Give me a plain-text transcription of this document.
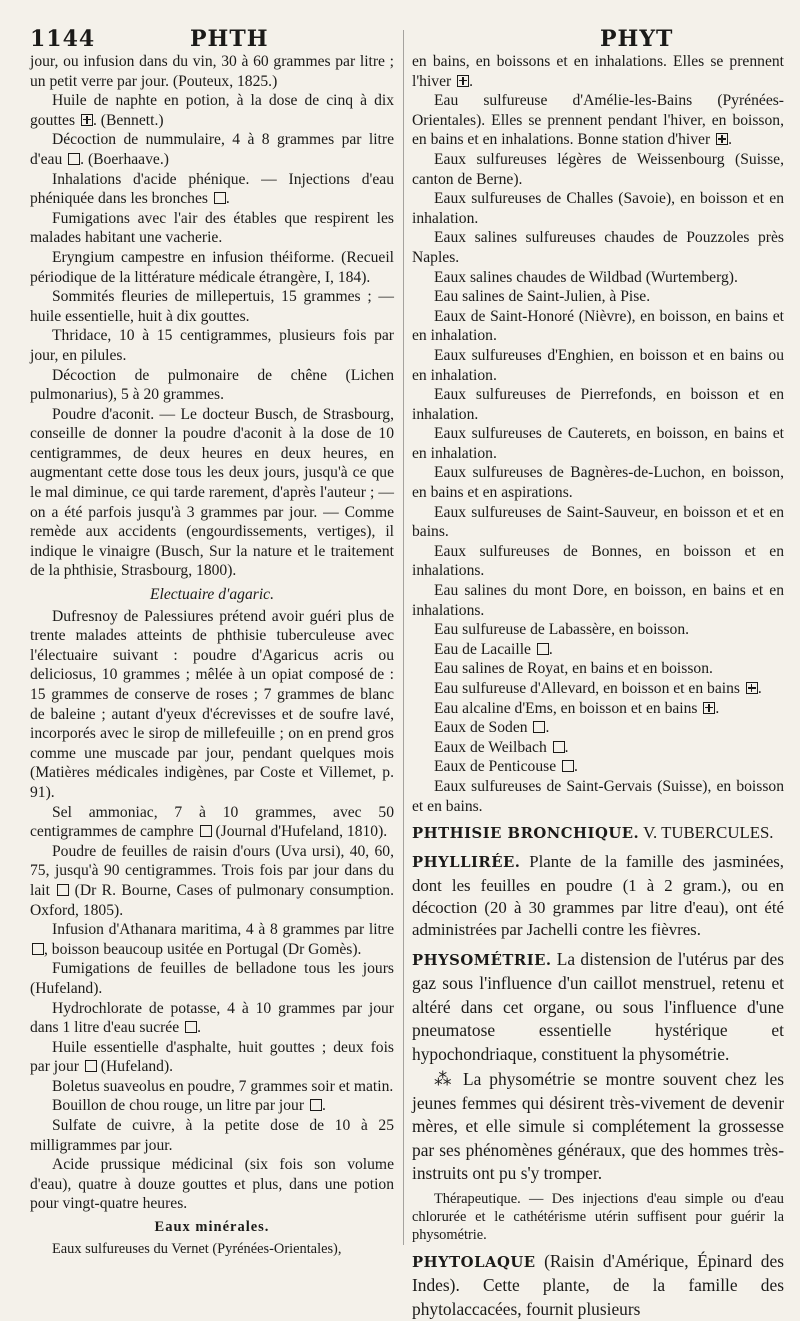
1144	PHTH	PHYT

jour, ou infusion dans du vin, 30 à 60 grammes par litre ; un petit verre par jour. (Pouteux, 1825.)

Huile de naphte en potion, à la dose de cinq à dix gouttes . (Bennett.)

Décoction de nummulaire, 4 à 8 grammes par litre d'eau . (Boerhaave.)

Inhalations d'acide phénique. — Injections d'eau phéniquée dans les bronches .

Fumigations avec l'air des étables que respirent les malades habitant une vacherie.

Eryngium campestre en infusion théiforme. (Recueil périodique de la littérature médicale étrangère, I, 184).

Sommités fleuries de millepertuis, 15 grammes ; — huile essentielle, huit à dix gouttes.

Thridace, 10 à 15 centigrammes, plusieurs fois par jour, en pilules.

Décoction de pulmonaire de chêne (Lichen pulmonarius), 5 à 20 grammes.

Poudre d'aconit. — Le docteur Busch, de Strasbourg, conseille de donner la poudre d'aconit à la dose de 10 centigrammes, de deux heures en deux heures, en augmentant cette dose tous les deux jours, jusqu'à ce que le mal diminue, ce qui tarde rarement, d'après l'auteur ; — on a été parfois jusqu'à 3 grammes par jour. — Comme remède aux accidents (engourdissements, vertiges), il indique le vinaigre (Busch, Sur la nature et le traitement de la phthisie, Strasbourg, 1800).

Electuaire d'agaric.

Dufresnoy de Palessiures prétend avoir guéri plus de trente malades atteints de phthisie tuberculeuse avec l'électuaire suivant : poudre d'Agaricus acris ou deliciosus, 10 grammes ; mêlée à un opiat composé de : 15 grammes de conserve de roses ; 7 grammes de blanc de baleine ; autant d'yeux d'écrevisses et de soufre lavé, incorporés avec le sirop de millefeuille ; on en prend gros comme une muscade par jour, pendant quelques mois (Matières médicales indigènes, par Coste et Villemet, p. 91).

Sel ammoniac, 7 à 10 grammes, avec 50 centigrammes de camphre (Journal d'Hufeland, 1810).

Poudre de feuilles de raisin d'ours (Uva ursi), 40, 60, 75, jusqu'à 90 centigrammes. Trois fois par jour dans du lait (Dr R. Bourne, Cases of pulmonary consumption. Oxford, 1805).

Infusion d'Athanara maritima, 4 à 8 grammes par litre , boisson beaucoup usitée en Portugal (Dr Gomès).

Fumigations de feuilles de belladone tous les jours (Hufeland).

Hydrochlorate de potasse, 4 à 10 grammes par jour dans 1 litre d'eau sucrée .

Huile essentielle d'asphalte, huit gouttes ; deux fois par jour (Hufeland).

Boletus suaveolus en poudre, 7 grammes soir et matin.

Bouillon de chou rouge, un litre par jour .

Sulfate de cuivre, à la petite dose de 10 à 25 milligrammes par jour.

Acide prussique médicinal (six fois son volume d'eau), quatre à douze gouttes et plus, dans une potion pour vingt-quatre heures.

Eaux minérales.

Eaux sulfureuses du Vernet (Pyrénées-Orientales),

en bains, en boissons et en inhalations. Elles se prennent l'hiver .

Eau sulfureuse d'Amélie-les-Bains (Pyrénées-Orientales). Elles se prennent pendant l'hiver, en boisson, en bains et en inhalations. Bonne station d'hiver .

Eaux sulfureuses légères de Weissenbourg (Suisse, canton de Berne).

Eaux sulfureuses de Challes (Savoie), en boisson et en inhalation.

Eaux salines sulfureuses chaudes de Pouzzoles près Naples.

Eaux salines chaudes de Wildbad (Wurtemberg).

Eau salines de Saint-Julien, à Pise.

Eaux de Saint-Honoré (Nièvre), en boisson, en bains et en inhalation.

Eaux sulfureuses d'Enghien, en boisson et en bains ou en inhalation.

Eaux sulfureuses de Pierrefonds, en boisson et en inhalation.

Eaux sulfureuses de Cauterets, en boisson, en bains et en inhalation.

Eaux sulfureuses de Bagnères-de-Luchon, en boisson, en bains et en aspirations.

Eaux sulfureuses de Saint-Sauveur, en boisson et et en bains.

Eaux sulfureuses de Bonnes, en boisson et en inhalations.

Eau salines du mont Dore, en boisson, en bains et en inhalations.

Eau sulfureuse de Labassère, en boisson.

Eau de Lacaille .

Eau salines de Royat, en bains et en boisson.

Eau sulfureuse d'Allevard, en boisson et en bains .

Eau alcaline d'Ems, en boisson et en bains .

Eaux de Soden .

Eaux de Weilbach .

Eaux de Penticouse .

Eaux sulfureuses de Saint-Gervais (Suisse), en boisson et en bains.

PHTHISIE BRONCHIQUE. V. TUBERCULES.

PHYLLIRÉE. Plante de la famille des jasminées, dont les feuilles en poudre (1 à 2 gram.), ou en décoction (20 à 30 grammes par litre d'eau), ont été administrées par Jachelli contre les fièvres.

PHYSOMÉTRIE. La distension de l'utérus par des gaz sous l'influence d'un caillot menstruel, retenu et altéré dans cet organe, ou sous l'influence d'une pneumatose essentielle hystérique et hypochondriaque, constituent la physométrie.

⁂ La physométrie se montre souvent chez les jeunes femmes qui désirent très-vivement de devenir mères, et elle simule si complétement la grossesse par ses phénomènes généraux, que des hommes très-instruits ont pu s'y tromper.

Thérapeutique. — Des injections d'eau simple ou d'eau chlorurée et le cathétérisme utérin suffisent pour guérir la physométrie.

PHYTOLAQUE (Raisin d'Amérique, Épinard des Indes). Cette plante, de la famille des phytolaccacées, fournit plusieurs
